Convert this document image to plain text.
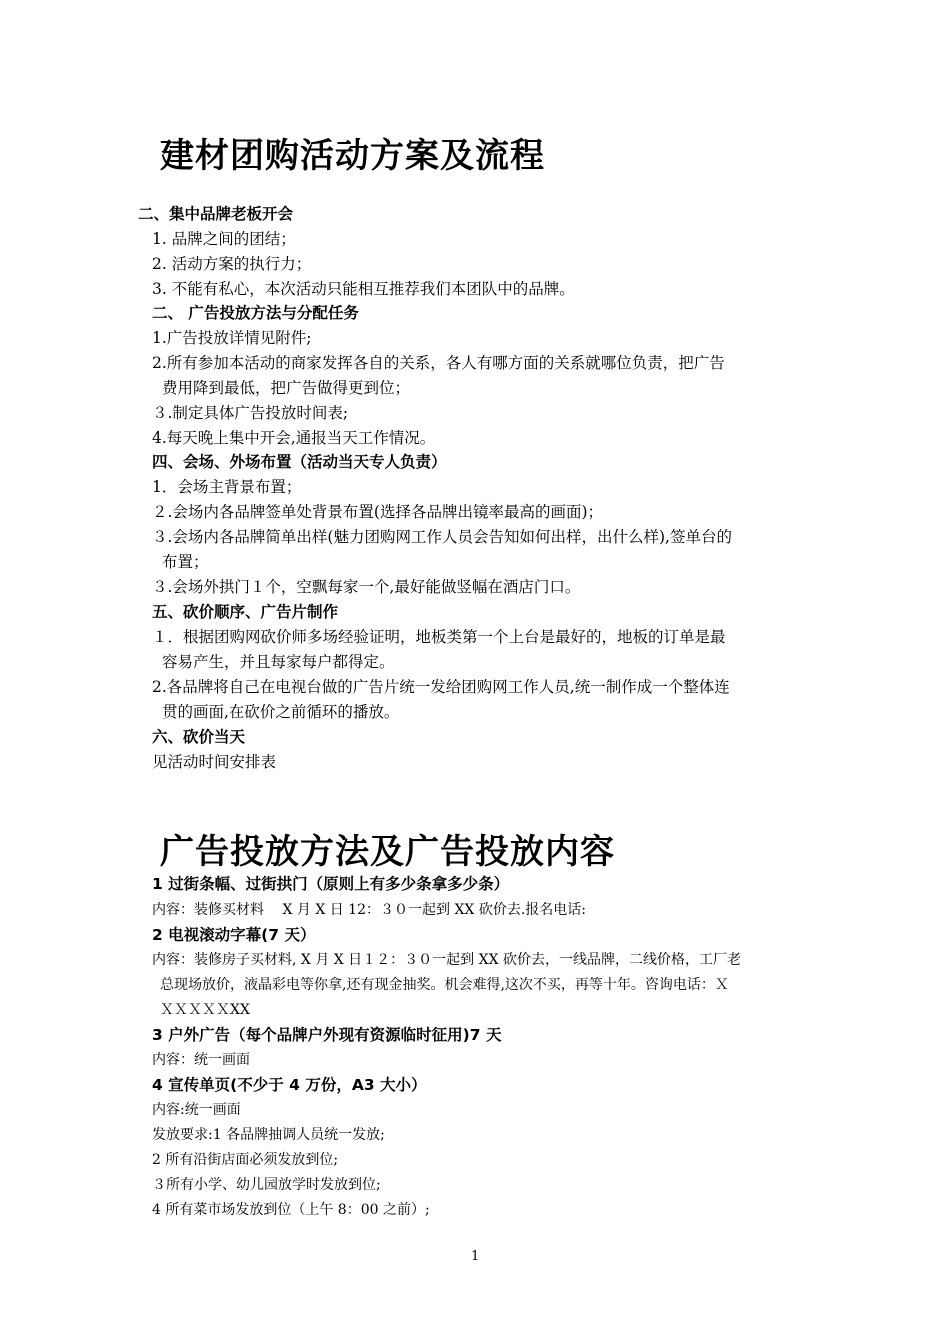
建材团购活动方案及流程
二、集中品牌老板开会
1. 品牌之间的团结；
2. 活动方案的执行力；
3. 不能有私心，本次活动只能相互推荐我们本团队中的品牌。
二、 广告投放方法与分配任务
1.广告投放详情见附件;
2.所有参加本活动的商家发挥各自的关系，各人有哪方面的关系就哪位负责，把广告
费用降到最低，把广告做得更到位；
３.制定具体广告投放时间表;
4.每天晚上集中开会,通报当天工作情况。
四、会场、外场布置（活动当天专人负责）
1．会场主背景布置；
２.会场内各品牌签单处背景布置(选择各品牌出镜率最高的画面)；
３.会场内各品牌简单出样(魅力团购网工作人员会告知如何出样，出什么样),签单台的
布置；
３.会场外拱门１个，空飘每家一个,最好能做竖幅在酒店门口。
五、砍价顺序、广告片制作
１．根据团购网砍价师多场经验证明，地板类第一个上台是最好的，地板的订单是最
容易产生，并且每家每户都得定。
2.各品牌将自己在电视台做的广告片统一发给团购网工作人员,统一制作成一个整体连
贯的画面,在砍价之前循环的播放。
六、砍价当天
见活动时间安排表
广告投放方法及广告投放内容
1 过街条幅、过街拱门（原则上有多少条拿多少条）
内容：装修买材料　 X 月 X 日 12：３０一起到 XX 砍价去.报名电话:
2 电视滚动字幕(7 天）
内容：装修房子买材料, X 月 X 日１２：３０一起到 XX 砍价去，一线品牌，二线价格，工厂老
总现场放价，液晶彩电等你拿,还有现金抽奖。机会难得,这次不买，再等十年。咨询电话：Ｘ
ＸＸＸＸＸXX
3 户外广告（每个品牌户外现有资源临时征用)7 天
内容：统一画面
4 宣传单页(不少于 4 万份，A3 大小）
内容:统一画面
发放要求:1 各品牌抽调人员统一发放;
2 所有沿街店面必须发放到位;
３所有小学、幼儿园放学时发放到位;
4 所有菜市场发放到位（上午 8：00 之前）;
1
